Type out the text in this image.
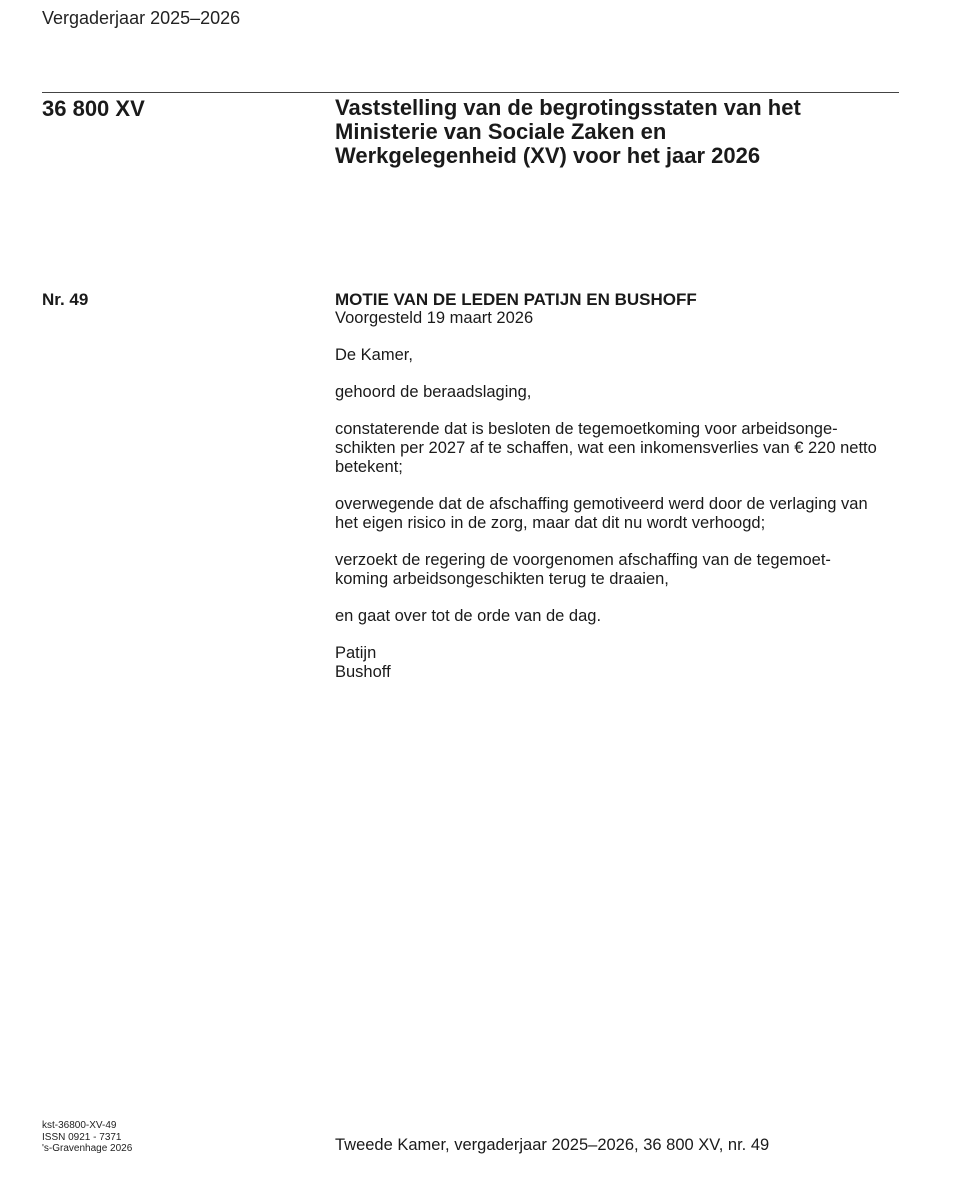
Vergaderjaar 2025–2026
36 800 XV	Vaststelling van de begrotingsstaten van het
Ministerie van Sociale Zaken en
Werkgelegenheid (XV) voor het jaar 2026
Nr. 49	MOTIE VAN DE LEDEN PATIJN EN BUSHOFF

Voorgesteld 19 maart 2026

De Kamer,

gehoord de beraadslaging,
constaterende dat is besloten de tegemoetkoming voor arbeidsonge-
schikten per 2027 af te schaffen, wat een inkomensverlies van € 220 netto
betekent;
overwegende dat de afschaffing gemotiveerd werd door de verlaging van
het eigen risico in de zorg, maar dat dit nu wordt verhoogd;
verzoekt de regering de voorgenomen afschaffing van de tegemoet-
koming arbeidsongeschikten terug te draaien,
en gaat over tot de orde van de dag.
Patijn
Bushoff
kst-36800-XV-49
ISSN 0921 - 7371
's-Gravenhage 2026	Tweede Kamer, vergaderjaar 2025–2026, 36 800 XV, nr. 49
